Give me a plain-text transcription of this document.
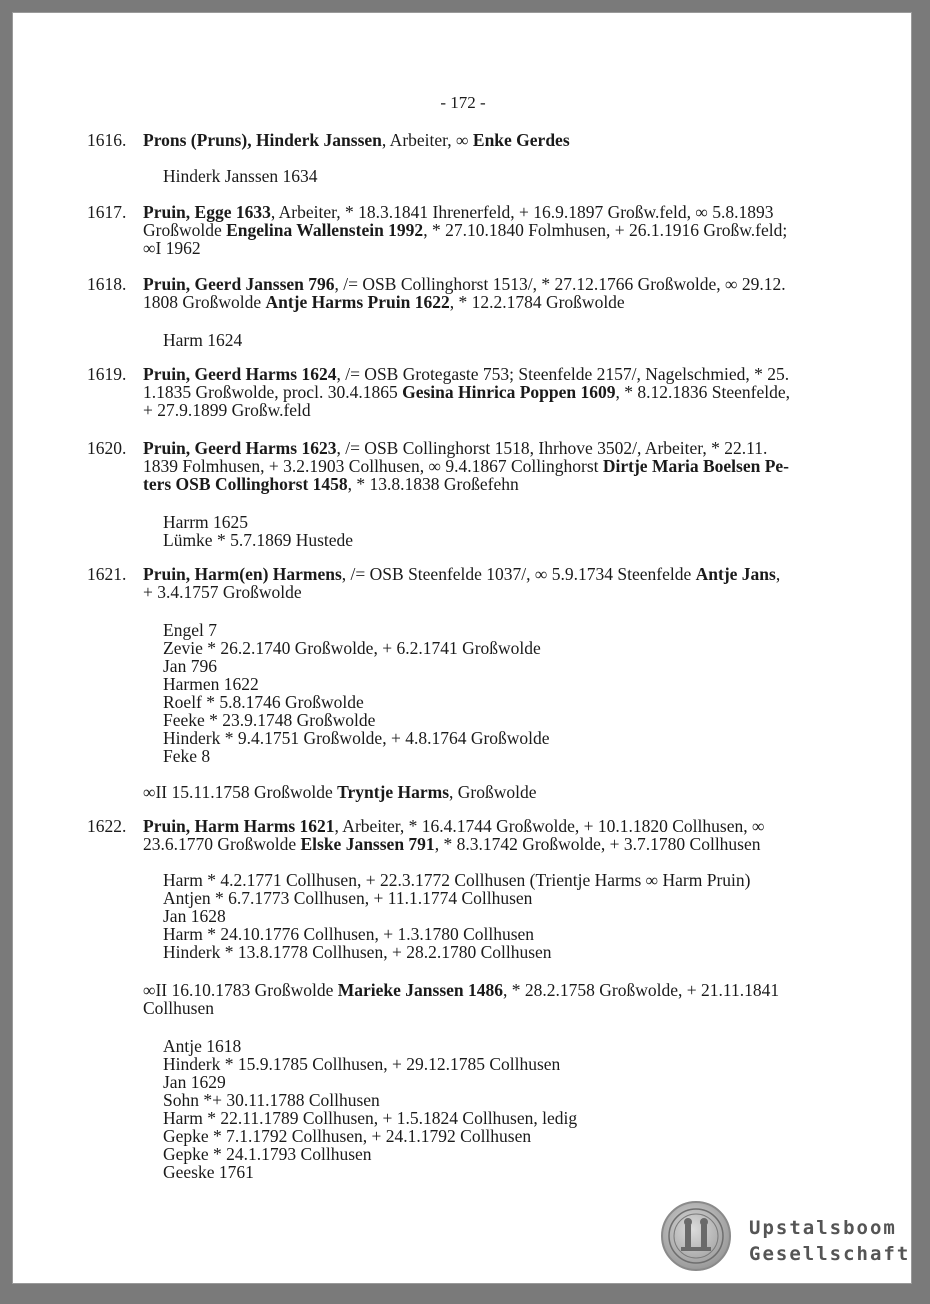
- 172 -
1616. Prons (Pruns), Hinderk Janssen, Arbeiter, ∞ Enke Gerdes
Hinderk Janssen 1634
1617. Pruin, Egge 1633, Arbeiter, * 18.3.1841 Ihrenerfeld, + 16.9.1897 Großw.feld, ∞ 5.8.1893
Großwolde Engelina Wallenstein 1992, * 27.10.1840 Folmhusen, + 26.1.1916 Großw.feld;
∞I 1962
1618. Pruin, Geerd Janssen 796, /= OSB Collinghorst 1513/, * 27.12.1766 Großwolde, ∞ 29.12.
1808 Großwolde Antje Harms Pruin 1622, * 12.2.1784 Großwolde
Harm 1624
1619. Pruin, Geerd Harms 1624, /= OSB Grotegaste 753; Steenfelde 2157/, Nagelschmied, * 25.
1.1835 Großwolde, procl. 30.4.1865 Gesina Hinrica Poppen 1609, * 8.12.1836 Steenfelde,
+ 27.9.1899 Großw.feld
1620. Pruin, Geerd Harms 1623, /= OSB Collinghorst 1518, Ihrhove 3502/, Arbeiter, * 22.11.
1839 Folmhusen, + 3.2.1903 Collhusen, ∞ 9.4.1867 Collinghorst Dirtje Maria Boelsen Pe-
ters OSB Collinghorst 1458, * 13.8.1838 Großefehn
Harrm 1625
Lümke * 5.7.1869 Hustede
1621. Pruin, Harm(en) Harmens, /= OSB Steenfelde 1037/, ∞ 5.9.1734 Steenfelde Antje Jans,
+ 3.4.1757 Großwolde
Engel 7
Zevie * 26.2.1740 Großwolde, + 6.2.1741 Großwolde
Jan 796
Harmen 1622
Roelf * 5.8.1746 Großwolde
Feeke * 23.9.1748 Großwolde
Hinderk * 9.4.1751 Großwolde, + 4.8.1764 Großwolde
Feke 8
∞II 15.11.1758 Großwolde Tryntje Harms, Großwolde
1622. Pruin, Harm Harms 1621, Arbeiter, * 16.4.1744 Großwolde, + 10.1.1820 Collhusen, ∞
23.6.1770 Großwolde Elske Janssen 791, * 8.3.1742 Großwolde, + 3.7.1780 Collhusen
Harm * 4.2.1771 Collhusen, + 22.3.1772 Collhusen (Trientje Harms ∞ Harm Pruin)
Antjen * 6.7.1773 Collhusen, + 11.1.1774 Collhusen
Jan 1628
Harm * 24.10.1776 Collhusen, + 1.3.1780 Collhusen
Hinderk * 13.8.1778 Collhusen, + 28.2.1780 Collhusen
∞II 16.10.1783 Großwolde Marieke Janssen 1486, * 28.2.1758 Großwolde, + 21.11.1841
Collhusen
Antje 1618
Hinderk * 15.9.1785 Collhusen, + 29.12.1785 Collhusen
Jan 1629
Sohn *+ 30.11.1788 Collhusen
Harm * 22.11.1789 Collhusen, + 1.5.1824 Collhusen, ledig
Gepke * 7.1.1792 Collhusen, + 24.1.1792 Collhusen
Gepke * 24.1.1793 Collhusen
Geeske 1761
Upstalsboom
Gesellschaft
